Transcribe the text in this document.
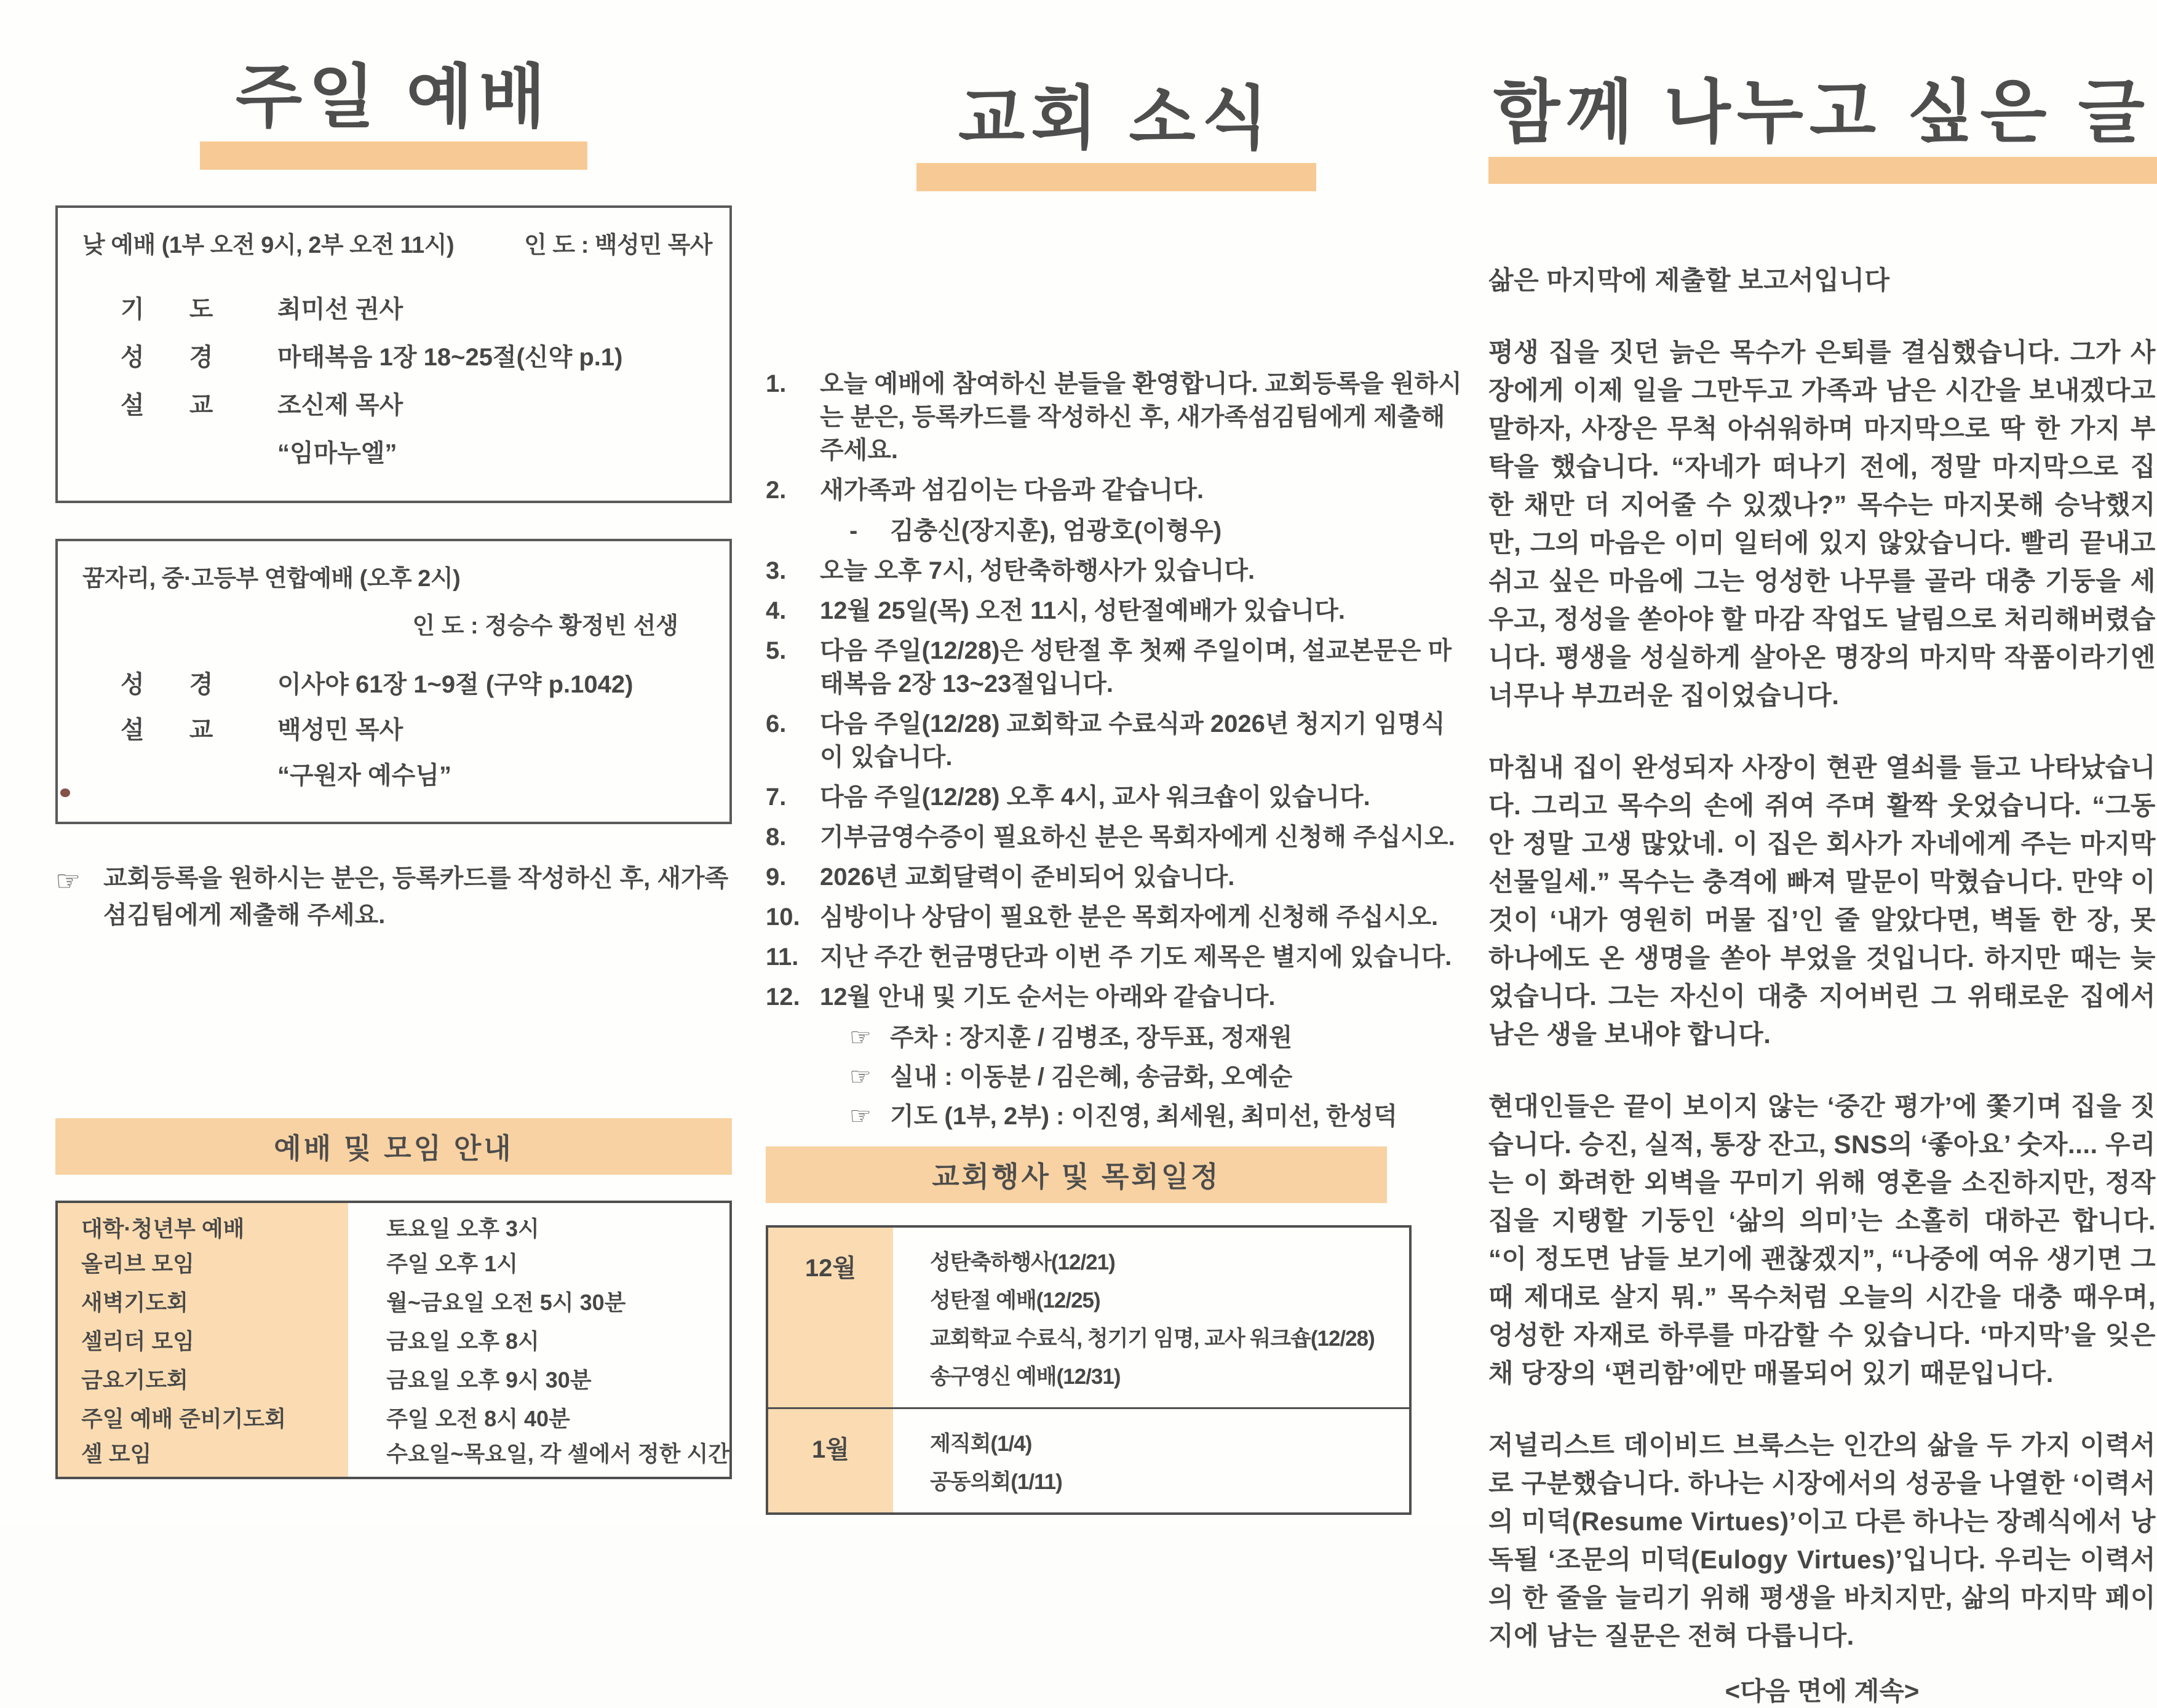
주일 예배
낮 예배 (1부 오전 9시, 2부 오전 11시)	인 도 : 백성민 목사
기 도	최미선 권사
성 경	마태복음 1장 18~25절(신약 p.1)
설 교	조신제 목사
“임마누엘”
꿈자리, 중·고등부 연합예배 (오후 2시)
인 도 : 정승수 황정빈 선생
성 경	이사야 61장 1~9절 (구약 p.1042)
설 교	백성민 목사
“구원자 예수님”
☞ 교회등록을 원하시는 분은, 등록카드를 작성하신 후, 새가족 섬김팀에게 제출해 주세요.
예배 및 모임 안내
대학·청년부 예배	토요일 오후 3시
올리브 모임	주일 오후 1시
새벽기도회	월~금요일 오전 5시 30분
셀리더 모임	금요일 오후 8시
금요기도회	금요일 오후 9시 30분
주일 예배 준비기도회	주일 오전 8시 40분
셀 모임	수요일~목요일, 각 셀에서 정한 시간
교회 소식
1.	오늘 예배에 참여하신 분들을 환영합니다. 교회등록을 원하시는 분은, 등록카드를 작성하신 후, 새가족섬김팀에게 제출해 주세요.
2.	새가족과 섬김이는 다음과 같습니다.
-	김충신(장지훈), 엄광호(이형우)
3.	오늘 오후 7시, 성탄축하행사가 있습니다.
4.	12월 25일(목) 오전 11시, 성탄절예배가 있습니다.
5.	다음 주일(12/28)은 성탄절 후 첫째 주일이며, 설교본문은 마태복음 2장 13~23절입니다.
6.	다음 주일(12/28) 교회학교 수료식과 2026년 청지기 임명식이 있습니다.
7.	다음 주일(12/28) 오후 4시, 교사 워크숍이 있습니다.
8.	기부금영수증이 필요하신 분은 목회자에게 신청해 주십시오.
9.	2026년 교회달력이 준비되어 있습니다.
10. 심방이나 상담이 필요한 분은 목회자에게 신청해 주십시오.
11. 지난 주간 헌금명단과 이번 주 기도 제목은 별지에 있습니다.
12. 12월 안내 및 기도 순서는 아래와 같습니다.
☞ 주차 : 장지훈 / 김병조, 장두표, 정재원
☞ 실내 : 이동분 / 김은혜, 송금화, 오예순
☞ 기도 (1부, 2부) : 이진영, 최세원, 최미선, 한성덕
교회행사 및 목회일정
12월	성탄축하행사(12/21)
성탄절 예배(12/25)
교회학교 수료식, 청기기 임명, 교사 워크숍(12/28)
송구영신 예배(12/31)

1월	제직회(1/4)
공동의회(1/11)
함께 나누고 싶은 글

삶은 마지막에 제출할 보고서입니다

평생 집을 짓던 늙은 목수가 은퇴를 결심했습니다. 그가 사장에게 이제 일을 그만두고 가족과 남은 시간을 보내겠다고 말하자, 사장은 무척 아쉬워하며 마지막으로 딱 한 가지 부탁을 했습니다. “자네가 떠나기 전에, 정말 마지막으로 집 한 채만 더 지어줄 수 있겠나?” 목수는 마지못해 승낙했지만, 그의 마음은 이미 일터에 있지 않았습니다. 빨리 끝내고 쉬고 싶은 마음에 그는 엉성한 나무를 골라 대충 기둥을 세우고, 정성을 쏟아야 할 마감 작업도 날림으로 처리해버렸습니다. 평생을 성실하게 살아온 명장의 마지막 작품이라기엔 너무나 부끄러운 집이었습니다.

마침내 집이 완성되자 사장이 현관 열쇠를 들고 나타났습니다. 그리고 목수의 손에 쥐여 주며 활짝 웃었습니다. “그동안 정말 고생 많았네. 이 집은 회사가 자네에게 주는 마지막 선물일세.” 목수는 충격에 빠져 말문이 막혔습니다. 만약 이것이 ‘내가 영원히 머물 집’인 줄 알았다면, 벽돌 한 장, 못 하나에도 온 생명을 쏟아 부었을 것입니다. 하지만 때는 늦었습니다. 그는 자신이 대충 지어버린 그 위태로운 집에서 남은 생을 보내야 합니다.

현대인들은 끝이 보이지 않는 ‘중간 평가’에 쫓기며 집을 짓습니다. 승진, 실적, 통장 잔고, SNS의 ‘좋아요’ 숫자.... 우리는 이 화려한 외벽을 꾸미기 위해 영혼을 소진하지만, 정작 집을 지탱할 기둥인 ‘삶의 의미’는 소홀히 대하곤 합니다. “이 정도면 남들 보기에 괜찮겠지”, “나중에 여유 생기면 그때 제대로 살지 뭐.” 목수처럼 오늘의 시간을 대충 때우며, 엉성한 자재로 하루를 마감할 수 있습니다. ‘마지막’을 잊은 채 당장의 ‘편리함’에만 매몰되어 있기 때문입니다.

저널리스트 데이비드 브룩스는 인간의 삶을 두 가지 이력서로 구분했습니다. 하나는 시장에서의 성공을 나열한 ‘이력서의 미덕(Resume Virtues)’이고 다른 하나는 장례식에서 낭독될 ‘조문의 미덕(Eulogy Virtues)’입니다. 우리는 이력서의 한 줄을 늘리기 위해 평생을 바치지만, 삶의 마지막 페이지에 남는 질문은 전혀 다릅니다.

<다음 면에 계속>
